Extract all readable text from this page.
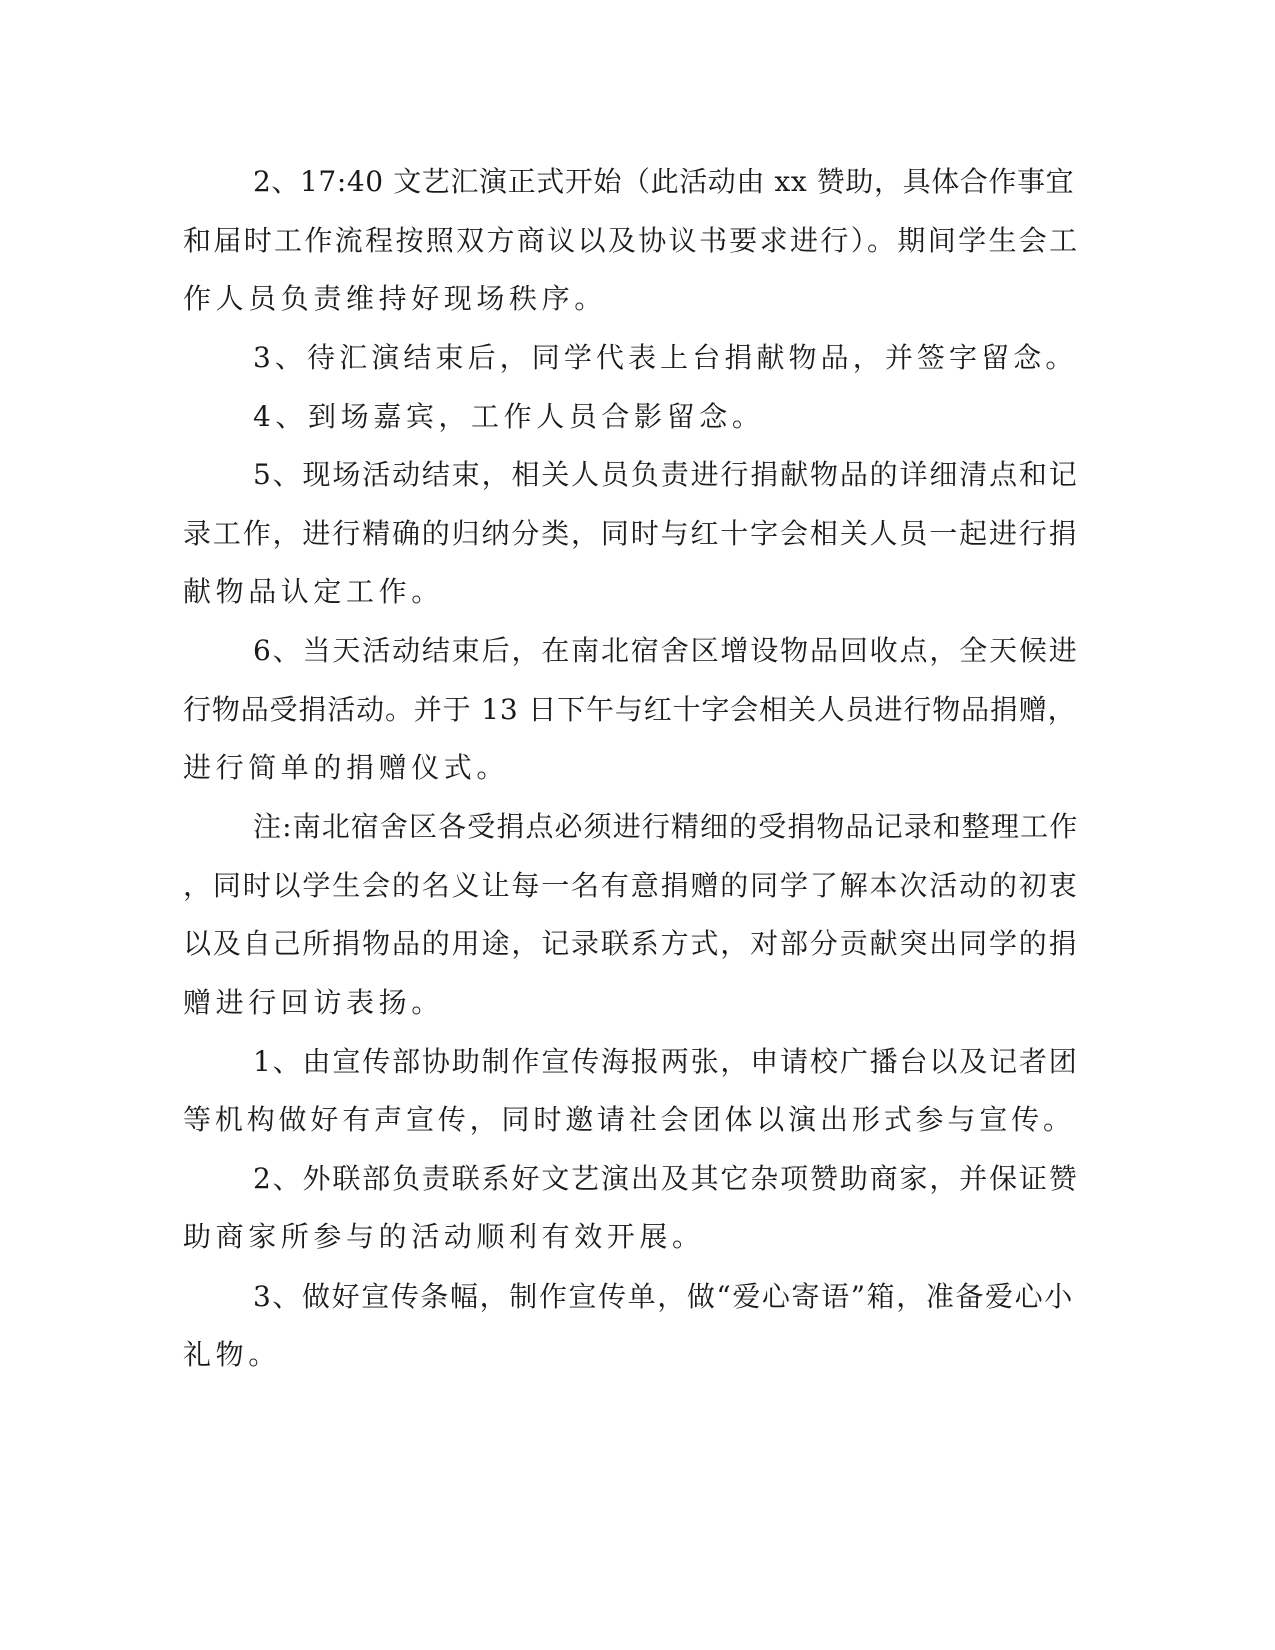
2、17:40 文艺汇演正式开始（此活动由 xx 赞助，具体合作事宜
和届时工作流程按照双方商议以及协议书要求进行）。期间学生会工
作人员负责维持好现场秩序。
3、待汇演结束后，同学代表上台捐献物品，并签字留念。
4、到场嘉宾，工作人员合影留念。
5、现场活动结束，相关人员负责进行捐献物品的详细清点和记
录工作，进行精确的归纳分类，同时与红十字会相关人员一起进行捐
献物品认定工作。
6、当天活动结束后，在南北宿舍区增设物品回收点，全天候进
行物品受捐活动。并于 13 日下午与红十字会相关人员进行物品捐赠，
进行简单的捐赠仪式。
注:南北宿舍区各受捐点必须进行精细的受捐物品记录和整理工作
，同时以学生会的名义让每一名有意捐赠的同学了解本次活动的初衷
以及自己所捐物品的用途，记录联系方式，对部分贡献突出同学的捐
赠进行回访表扬。
1、由宣传部协助制作宣传海报两张，申请校广播台以及记者团
等机构做好有声宣传，同时邀请社会团体以演出形式参与宣传。
2、外联部负责联系好文艺演出及其它杂项赞助商家，并保证赞
助商家所参与的活动顺利有效开展。
3、做好宣传条幅，制作宣传单，做“爱心寄语”箱，准备爱心小
礼物。
